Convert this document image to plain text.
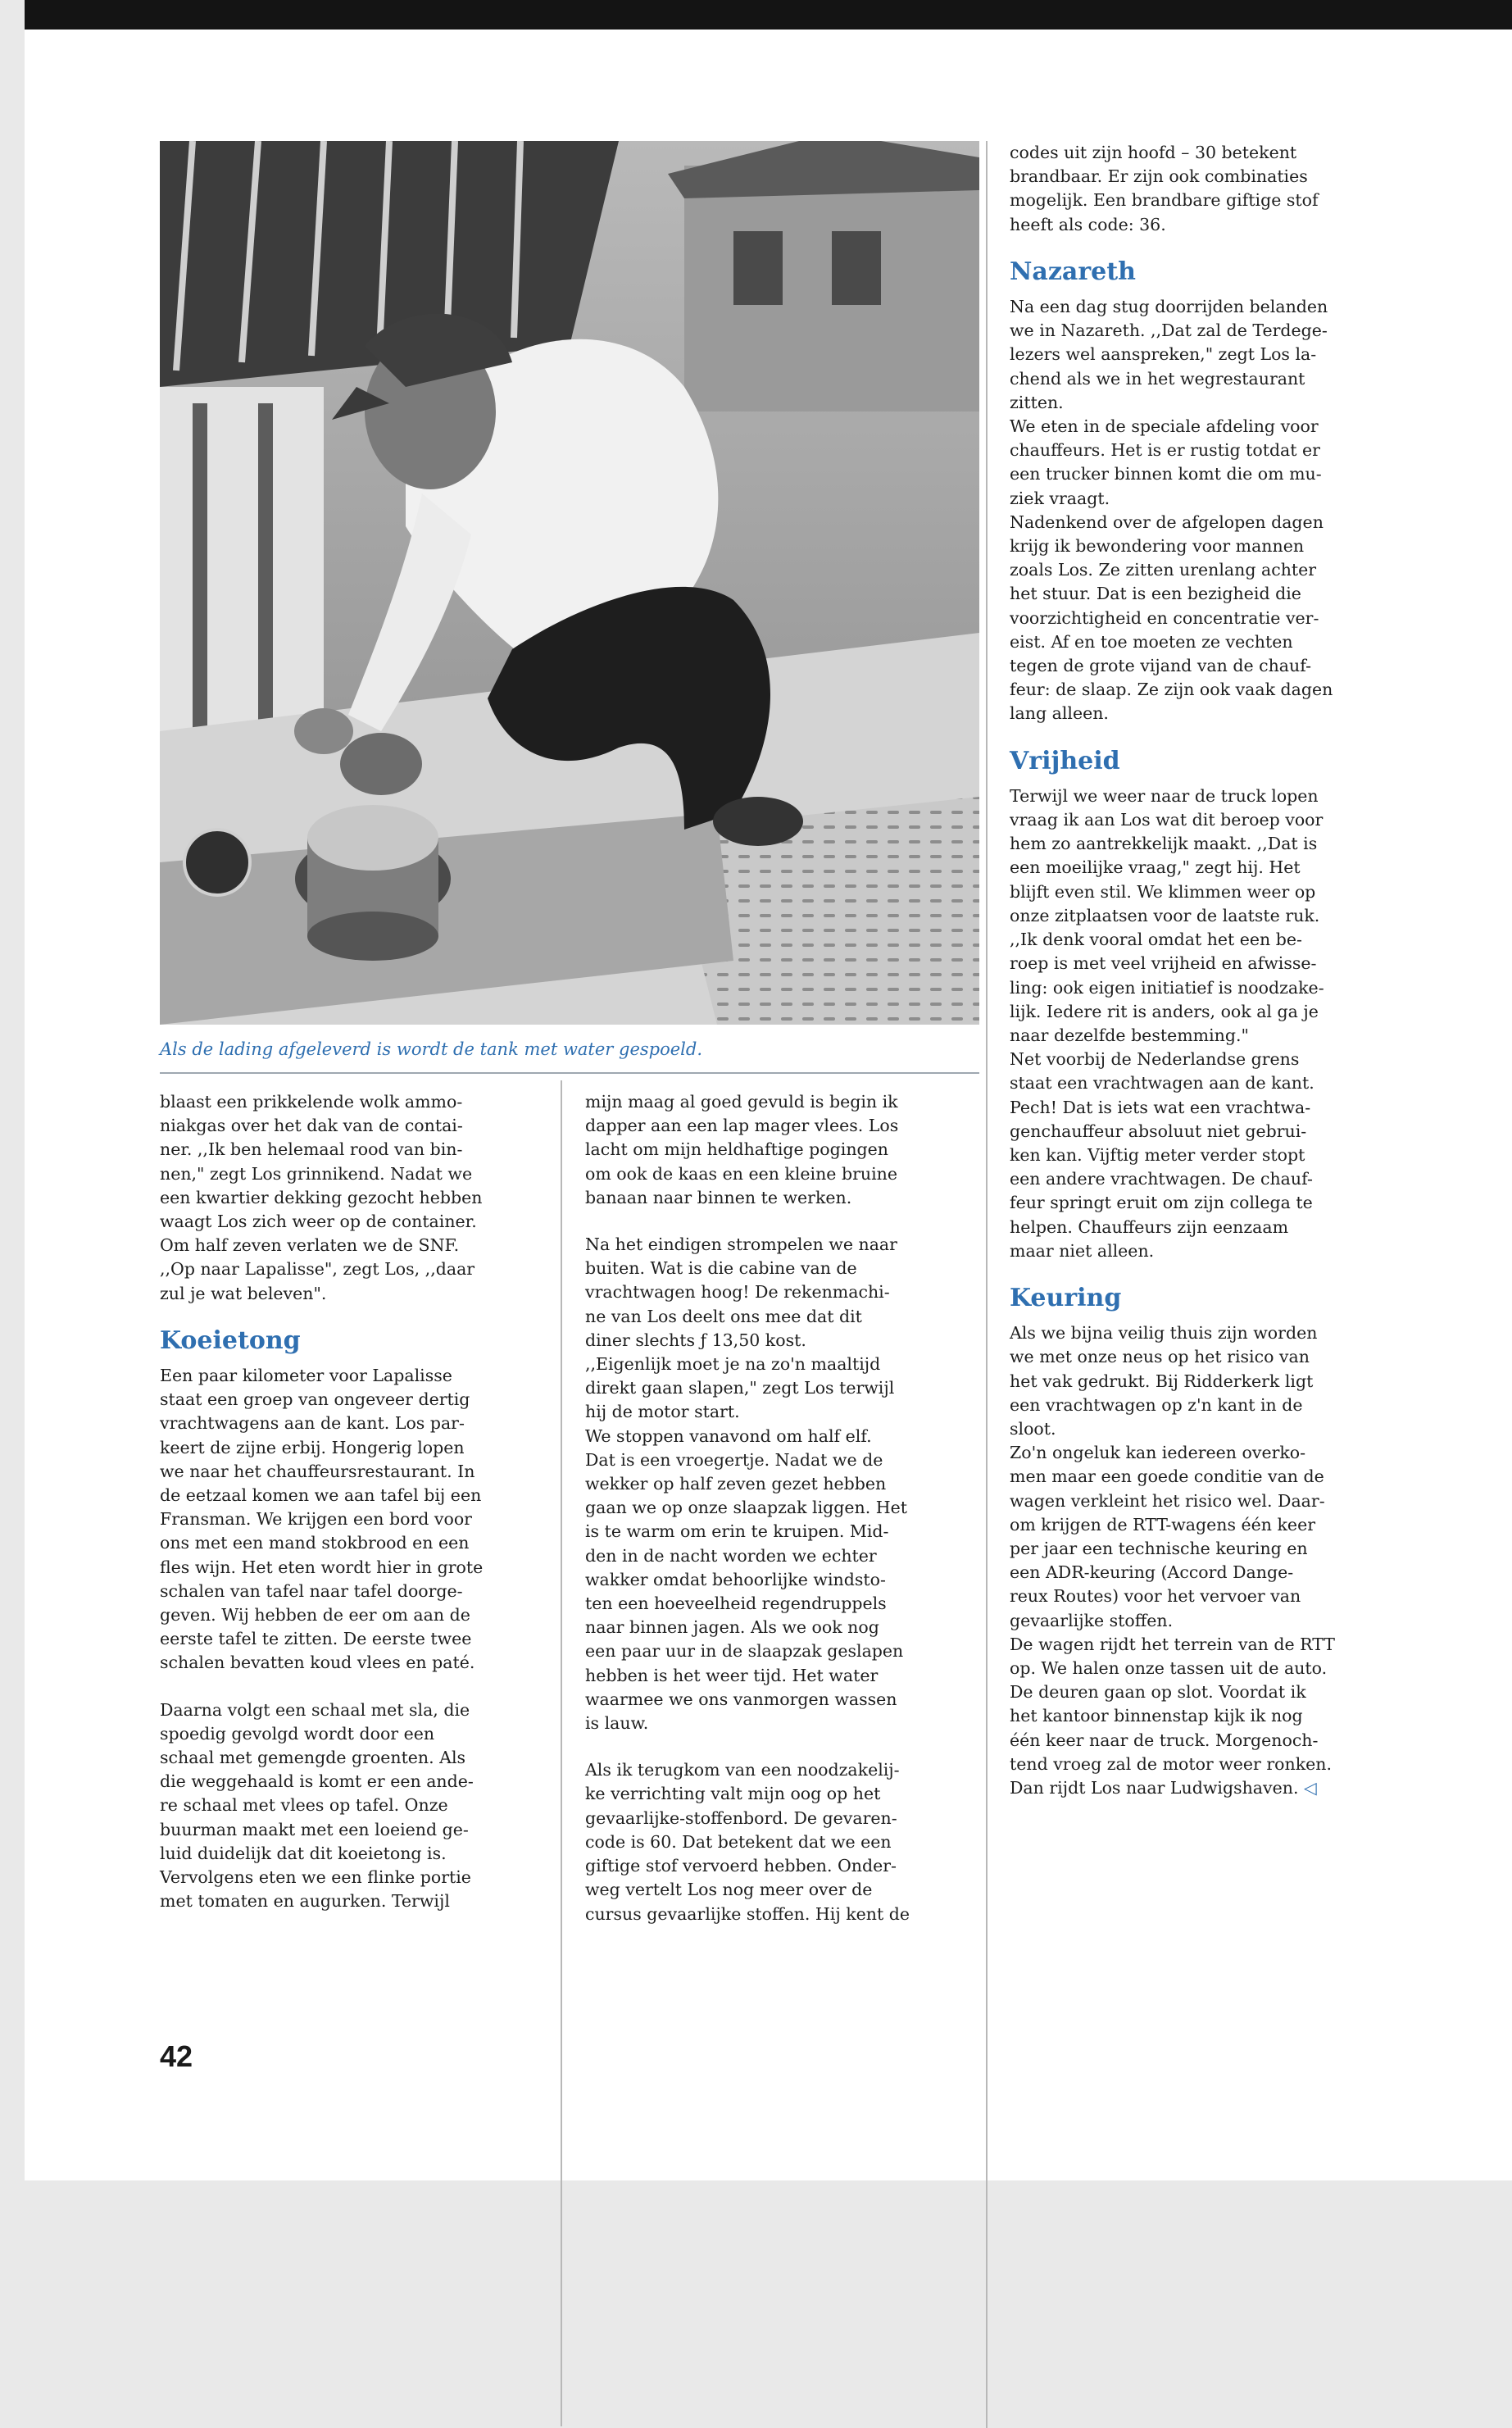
Als de lading afgeleverd is wordt de tank met water gespoeld.

blaast een prikkelende wolk ammo-
niakgas over het dak van de contai-
ner. ,,Ik ben helemaal rood van bin-
nen," zegt Los grinnikend. Nadat we
een kwartier dekking gezocht hebben
waagt Los zich weer op de container.
Om half zeven verlaten we de SNF.
,,Op naar Lapalisse", zegt Los, ,,daar
zul je wat beleven".

Koeietong

Een paar kilometer voor Lapalisse
staat een groep van ongeveer dertig
vrachtwagens aan de kant. Los par-
keert de zijne erbij. Hongerig lopen
we naar het chauffeursrestaurant. In
de eetzaal komen we aan tafel bij een
Fransman. We krijgen een bord voor
ons met een mand stokbrood en een
fles wijn. Het eten wordt hier in grote
schalen van tafel naar tafel doorge-
geven. Wij hebben de eer om aan de
eerste tafel te zitten. De eerste twee
schalen bevatten koud vlees en paté.

Daarna volgt een schaal met sla, die
spoedig gevolgd wordt door een
schaal met gemengde groenten. Als
die weggehaald is komt er een ande-
re schaal met vlees op tafel. Onze
buurman maakt met een loeiend ge-
luid duidelijk dat dit koeietong is.
Vervolgens eten we een flinke portie
met tomaten en augurken. Terwijl

mijn maag al goed gevuld is begin ik
dapper aan een lap mager vlees. Los
lacht om mijn heldhaftige pogingen
om ook de kaas en een kleine bruine
banaan naar binnen te werken.

Na het eindigen strompelen we naar
buiten. Wat is die cabine van de
vrachtwagen hoog! De rekenmachi-
ne van Los deelt ons mee dat dit
diner slechts ƒ 13,50 kost.
,,Eigenlijk moet je na zo'n maaltijd
direkt gaan slapen," zegt Los terwijl
hij de motor start.
We stoppen vanavond om half elf.
Dat is een vroegertje. Nadat we de
wekker op half zeven gezet hebben
gaan we op onze slaapzak liggen. Het
is te warm om erin te kruipen. Mid-
den in de nacht worden we echter
wakker omdat behoorlijke windsto-
ten een hoeveelheid regendruppels
naar binnen jagen. Als we ook nog
een paar uur in de slaapzak geslapen
hebben is het weer tijd. Het water
waarmee we ons vanmorgen wassen
is lauw.

Als ik terugkom van een noodzakelij-
ke verrichting valt mijn oog op het
gevaarlijke-stoffenbord. De gevaren-
code is 60. Dat betekent dat we een
giftige stof vervoerd hebben. Onder-
weg vertelt Los nog meer over de
cursus gevaarlijke stoffen. Hij kent de

codes uit zijn hoofd – 30 betekent
brandbaar. Er zijn ook combinaties
mogelijk. Een brandbare giftige stof
heeft als code: 36.

Nazareth

Na een dag stug doorrijden belanden
we in Nazareth. ,,Dat zal de Terdege-
lezers wel aanspreken," zegt Los la-
chend als we in het wegrestaurant
zitten.
We eten in de speciale afdeling voor
chauffeurs. Het is er rustig totdat er
een trucker binnen komt die om mu-
ziek vraagt.
Nadenkend over de afgelopen dagen
krijg ik bewondering voor mannen
zoals Los. Ze zitten urenlang achter
het stuur. Dat is een bezigheid die
voorzichtigheid en concentratie ver-
eist. Af en toe moeten ze vechten
tegen de grote vijand van de chauf-
feur: de slaap. Ze zijn ook vaak dagen
lang alleen.

Vrijheid

Terwijl we weer naar de truck lopen
vraag ik aan Los wat dit beroep voor
hem zo aantrekkelijk maakt. ,,Dat is
een moeilijke vraag," zegt hij. Het
blijft even stil. We klimmen weer op
onze zitplaatsen voor de laatste ruk.
,,Ik denk vooral omdat het een be-
roep is met veel vrijheid en afwisse-
ling: ook eigen initiatief is noodzake-
lijk. Iedere rit is anders, ook al ga je
naar dezelfde bestemming."
Net voorbij de Nederlandse grens
staat een vrachtwagen aan de kant.
Pech! Dat is iets wat een vrachtwa-
genchauffeur absoluut niet gebrui-
ken kan. Vijftig meter verder stopt
een andere vrachtwagen. De chauf-
feur springt eruit om zijn collega te
helpen. Chauffeurs zijn eenzaam
maar niet alleen.

Keuring

Als we bijna veilig thuis zijn worden
we met onze neus op het risico van
het vak gedrukt. Bij Ridderkerk ligt
een vrachtwagen op z'n kant in de
sloot.
Zo'n ongeluk kan iedereen overko-
men maar een goede conditie van de
wagen verkleint het risico wel. Daar-
om krijgen de RTT-wagens één keer
per jaar een technische keuring en
een ADR-keuring (Accord Dange-
reux Routes) voor het vervoer van
gevaarlijke stoffen.
De wagen rijdt het terrein van de RTT
op. We halen onze tassen uit de auto.
De deuren gaan op slot. Voordat ik
het kantoor binnenstap kijk ik nog
één keer naar de truck. Morgenoch-
tend vroeg zal de motor weer ronken.
Dan rijdt Los naar Ludwigshaven. ◁

42
